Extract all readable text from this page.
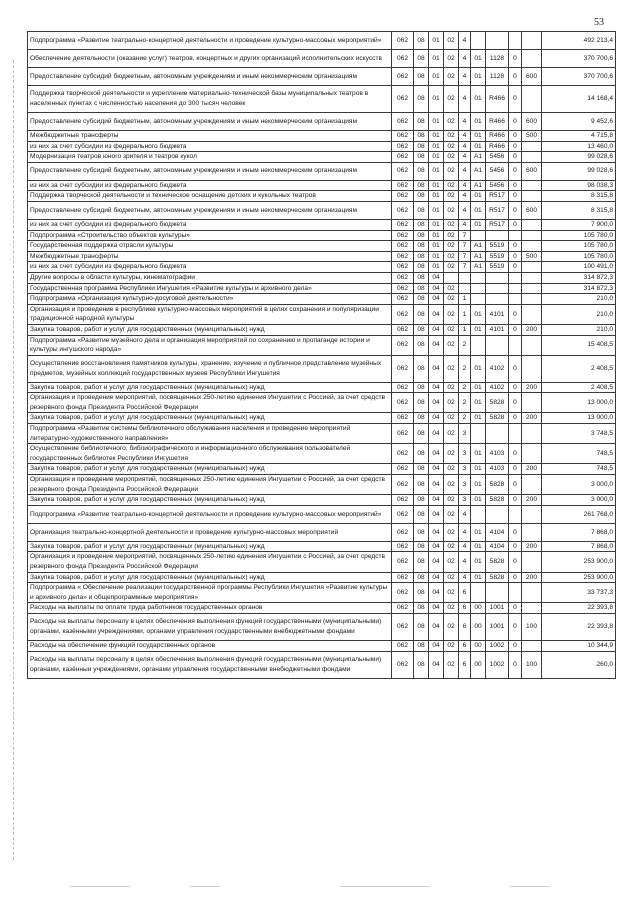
53
Подпрограмма «Развитие театрально-концертной деятельности и проведение культурно-массовых мероприятий»	062	08	01	02	4					492 213,4
Обеспечение деятельности (оказание услуг) театров, концертных и других организаций исполнительских искусств	062	08	01	02	4	01	1128	0		370 700,6
Предоставление субсидий бюджетным, автономным учреждениям и иным некоммерческим организациям	062	08	01	02	4	01	1128	0	600	370 700,6
Поддержка творческой деятельности и укрепление материально-технической базы муниципальных театров в населенных пунктах с численностью населения до 300 тысяч человек	062	08	01	02	4	01	R466	0		14 168,4
Предоставление субсидий бюджетным, автономным учреждениям и иным некоммерческим организациям	062	08	01	02	4	01	R466	0	600	9 452,6
Межбюджетные трансферты	062	08	01	02	4	01	R466	0	500	4 715,8
из них за счет субсидии из федерального бюджета	062	08	01	02	4	01	R466	0		13 460,0
Модернизация театров юного зрителя и театров кукол	062	08	01	02	4	A1	5456	0		99 028,6
Предоставление субсидий бюджетным, автономным учреждениям и иным некоммерческим организациям	062	08	01	02	4	A1	5456	0	600	99 028,6
из них за счет субсидии из федерального бюджета	062	08	01	02	4	A1	5456	0		98 038,3
Поддержка творческой деятельности и техническое оснащение детских и кукольных театров	062	08	01	02	4	01	R517	0		8 315,8
Предоставление субсидий бюджетным, автономным учреждениям и иным некоммерческим организациям	062	08	01	02	4	01	R517	0	600	8 315,8
из них за счет субсидии из федерального бюджета	062	08	01	02	4	01	R517	0		7 900,0
Подпрограмма «Строительство объектов культуры»	062	08	01	02	7					105 780,0
Государственная поддержка отрасли культуры	062	08	01	02	7	A1	5519	0		105 780,0
Межбюджетные трансферты	062	08	01	02	7	A1	5519	0	500	105 780,0
из них за счет субсидии из федерального бюджета	062	08	01	02	7	A1	5519	0		100 491,0
Другие вопросы в области культуры, кинематографии	062	08	04							314 872,3
Государственная программа Республики Ингушетия «Развитие культуры и архивного дела»	062	08	04	02						314 872,3
Подпрограмма «Организация культурно-досуговой деятельности»	062	08	04	02	1					210,0
Организация и проведение в республике культурно-массовых мероприятий в целях сохранения и популяризации традиционной народной культуры	062	08	04	02	1	01	4101	0		210,0
Закупка товаров, работ и услуг для государственных (муниципальных) нужд	062	08	04	02	1	01	4101	0	200	210,0
Подпрограмма «Развитие музейного дела и организация мероприятий по сохранению и пропаганде истории и культуры ингушского народа»	062	08	04	02	2					15 408,5
Осуществление восстановления памятников культуры, хранение, изучение и публичное представление музейных предметов, музейных коллекций государственных музеев Республики Ингушетия	062	08	04	02	2	01	4102	0		2 408,5
Закупка товаров, работ и услуг для государственных (муниципальных) нужд	062	08	04	02	2	01	4102	0	200	2 408,5
Организация и проведение мероприятий, посвященных 250-летию единения Ингушетии с Россией, за счет средств резервного фонда Президента Российской Федерации	062	08	04	02	2	01	5828	0		13 000,0
Закупка товаров, работ и услуг для государственных (муниципальных) нужд	062	08	04	02	2	01	5828	0	200	13 000,0
Подпрограмма «Развитие системы библиотечного обслуживания населения и проведение мероприятий литературно-художественного направления»	062	08	04	02	3					3 748,5
Осуществление библиотечного, библиографического и информационного обслуживания пользователей государственных библиотек Республики Ингушетия	062	08	04	02	3	01	4103	0		748,5
Закупка товаров, работ и услуг для государственных (муниципальных) нужд	062	08	04	02	3	01	4103	0	200	748,5
Организация и проведение мероприятий, посвященных 250-летию единения Ингушетии с Россией, за счет средств резервного фонда Президента Российской Федерации	062	08	04	02	3	01	5828	0		3 000,0
Закупка товаров, работ и услуг для государственных (муниципальных) нужд	062	08	04	02	3	01	5828	0	200	3 000,0
Подпрограмма «Развитие театрально-концертной деятельности и проведение культурно-массовых мероприятий»	062	08	04	02	4					261 768,0
Организация театрально-концертной деятельности и проведение культурно-массовых мероприятий	062	08	04	02	4	01	4104	0		7 868,0
Закупка товаров, работ и услуг для государственных (муниципальных) нужд	062	08	04	02	4	01	4104	0	200	7 868,0
Организация и проведение мероприятий, посвященных 250-летию единения Ингушетии с Россией, за счет средств резервного фонда Президента Российской Федерации	062	08	04	02	4	01	5828	0		253 900,0
Закупка товаров, работ и услуг для государственных (муниципальных) нужд	062	08	04	02	4	01	5828	0	200	253 900,0
Подпрограмма « Обеспечение реализации государственной программы Республики Ингушетия «Развитие культуры и архивного дела» и общепрограммные мероприятия»	062	08	04	02	6					33 737,3
Расходы на выплаты по оплате труда работников государственных органов	062	08	04	02	6	00	1001	0		22 393,8
Расходы на выплаты персоналу в целях обеспечения выполнения функций государственными (муниципальными) органами, казёнными учреждениями, органами управления государственными внебюджетными фондами	062	08	04	02	6	00	1001	0	100	22 393,8
Расходы на обеспечение функций государственных органов	062	08	04	02	6	00	1002	0		10 344,9
Расходы на выплаты персоналу в целях обеспечения выполнения функций государственными (муниципальными) органами, казённыи учреждениями, органами управления государственными внебюджетными фондами	062	08	04	02	6	00	1002	0	100	260,0
